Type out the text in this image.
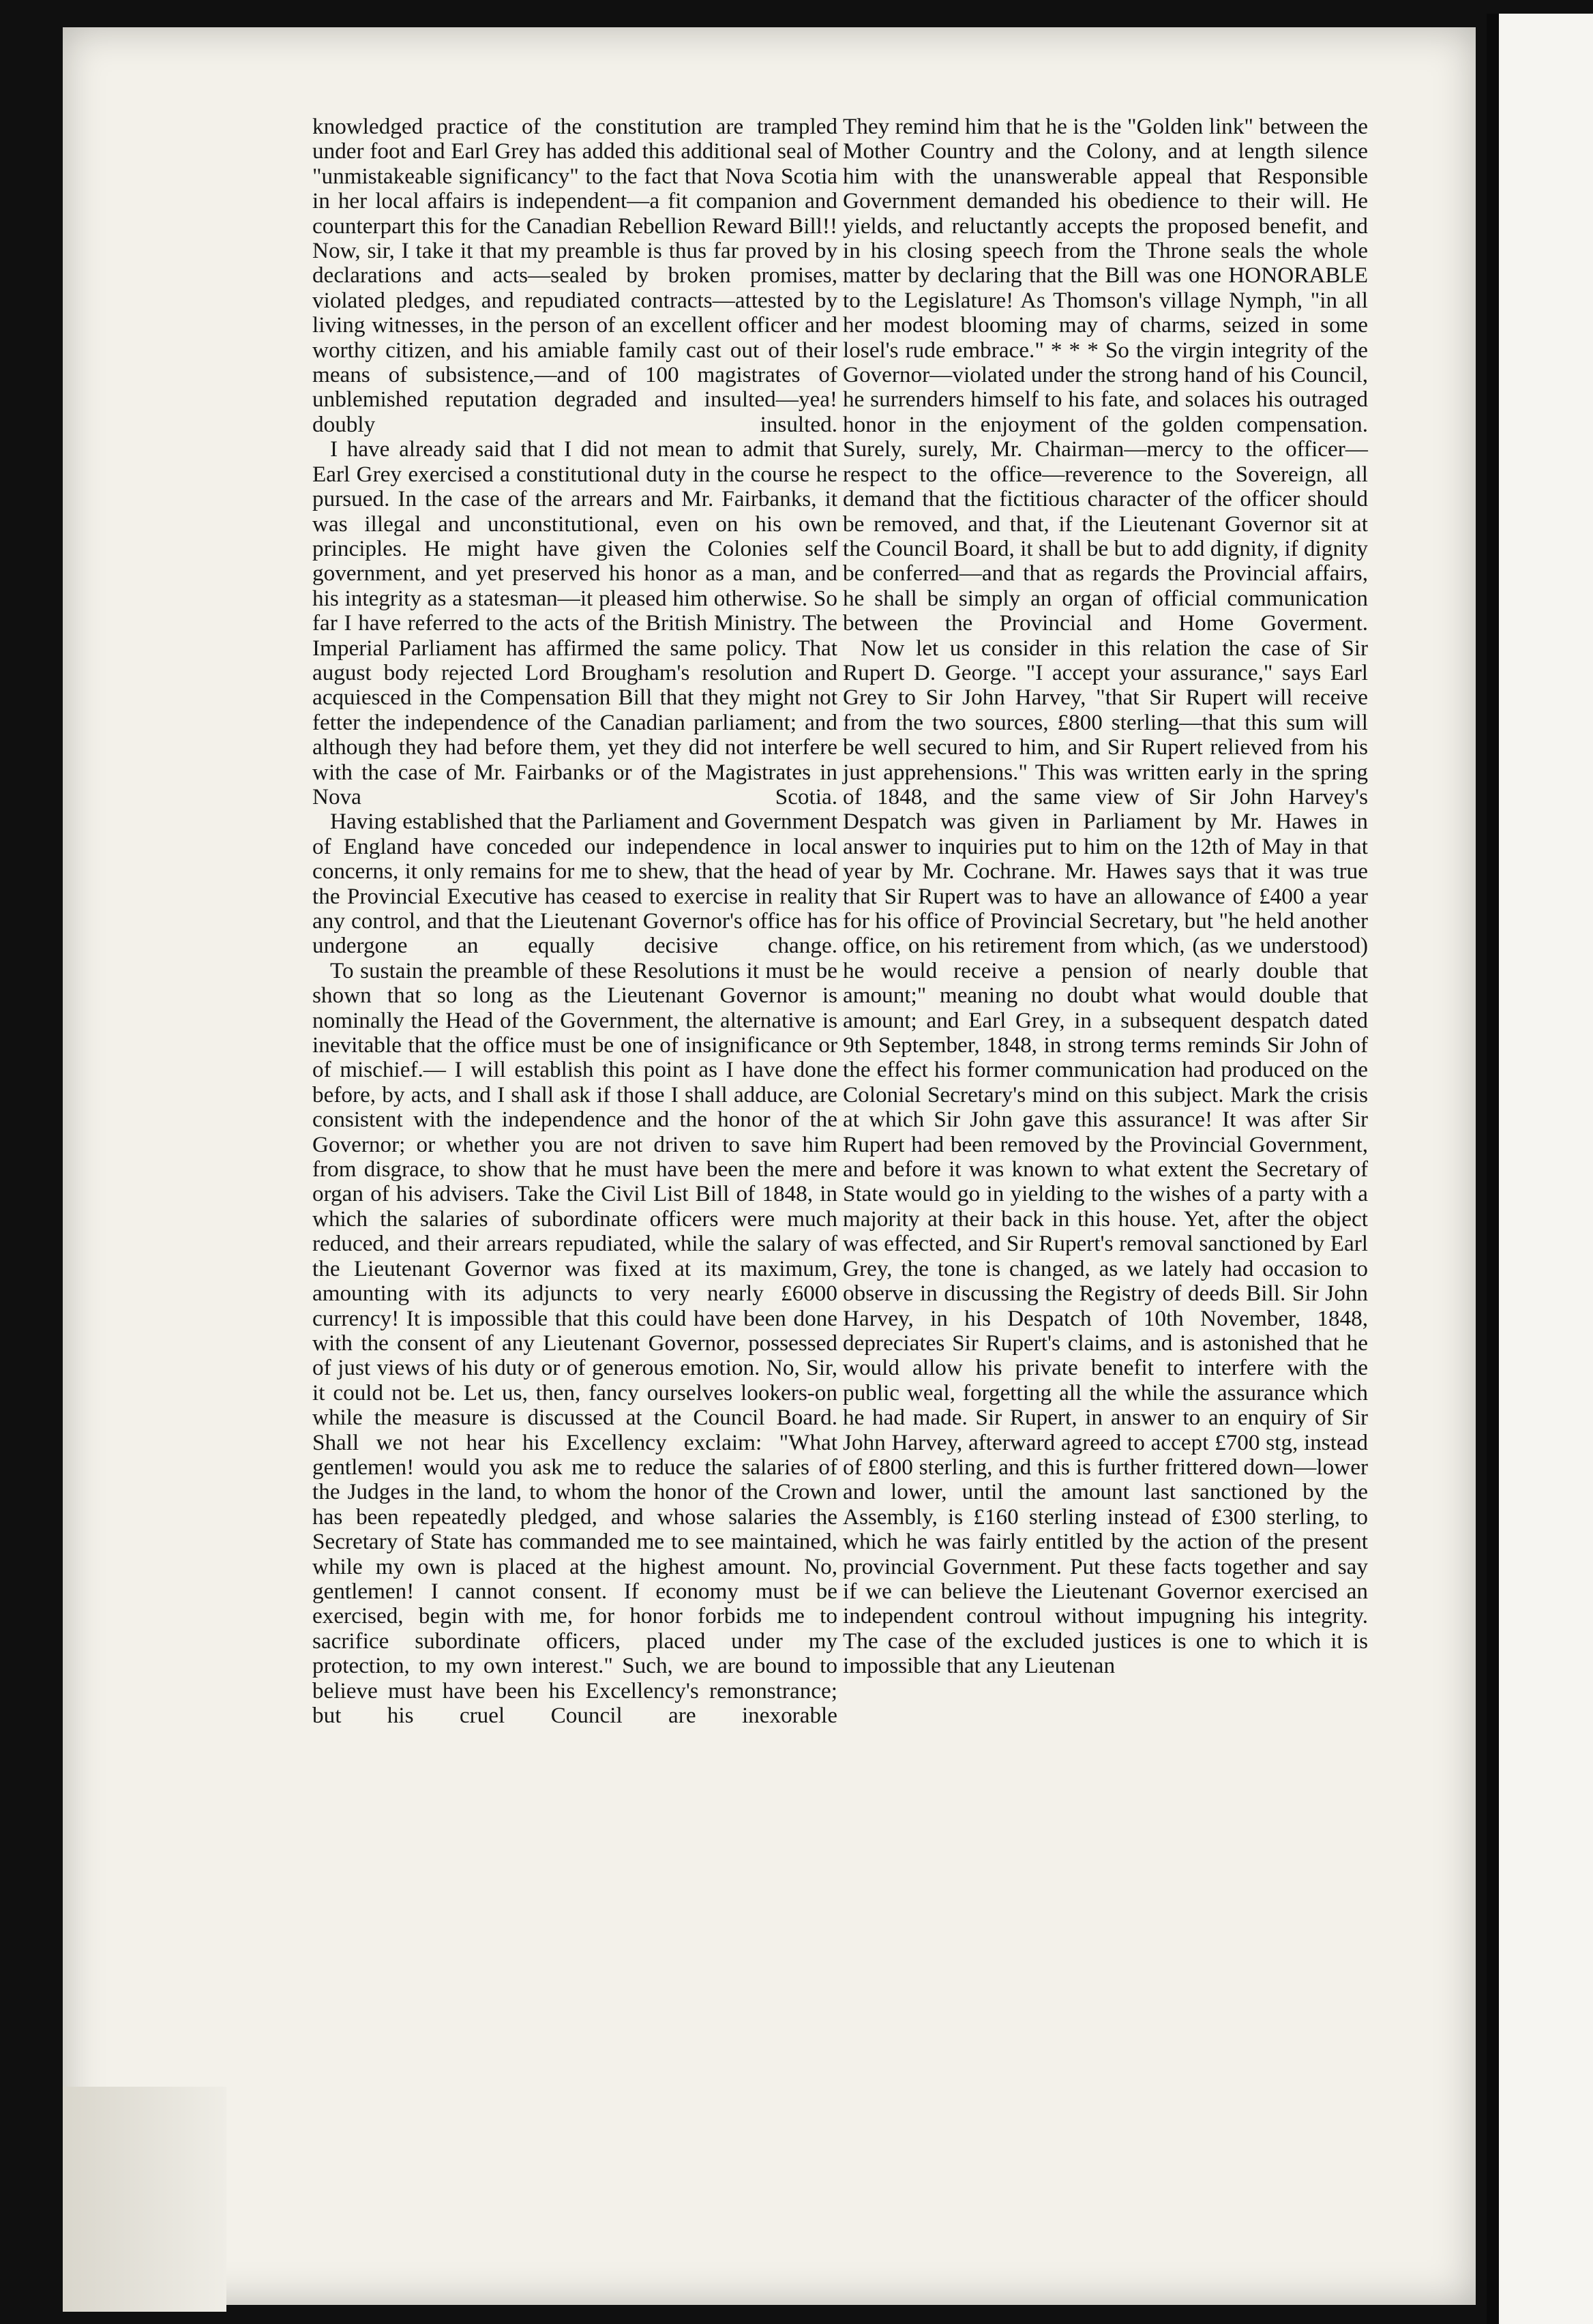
knowledged practice of the constitution are trampled under foot and Earl Grey has added this additional seal of "unmistakeable significancy" to the fact that Nova Scotia in her local affairs is independent—a fit companion and counterpart this for the Canadian Rebellion Reward Bill!! Now, sir, I take it that my preamble is thus far proved by declarations and acts—sealed by broken promises, violated pledges, and repudiated contracts—attested by living witnesses, in the person of an excellent officer and worthy citizen, and his amiable family cast out of their means of subsistence,—and of 100 magistrates of unblemished reputation degraded and insulted—yea! doubly insulted.

I have already said that I did not mean to admit that Earl Grey exercised a constitutional duty in the course he pursued. In the case of the arrears and Mr. Fairbanks, it was illegal and unconstitutional, even on his own principles. He might have given the Colonies self government, and yet preserved his honor as a man, and his integrity as a statesman—it pleased him otherwise. So far I have referred to the acts of the British Ministry. The Imperial Parliament has affirmed the same policy. That august body rejected Lord Brougham's resolution and acquiesced in the Compensation Bill that they might not fetter the independence of the Canadian parliament; and although they had before them, yet they did not interfere with the case of Mr. Fairbanks or of the Magistrates in Nova Scotia.

Having established that the Parliament and Government of England have conceded our independence in local concerns, it only remains for me to shew, that the head of the Provincial Executive has ceased to exercise in reality any control, and that the Lieutenant Governor's office has undergone an equally decisive change.

To sustain the preamble of these Resolutions it must be shown that so long as the Lieutenant Governor is nominally the Head of the Government, the alternative is inevitable that the office must be one of insignificance or of mischief.— I will establish this point as I have done before, by acts, and I shall ask if those I shall adduce, are consistent with the independence and the honor of the Governor; or whether you are not driven to save him from disgrace, to show that he must have been the mere organ of his advisers. Take the Civil List Bill of 1848, in which the salaries of subordinate officers were much reduced, and their arrears repudiated, while the salary of the Lieutenant Governor was fixed at its maximum, amounting with its adjuncts to very nearly £6000 currency! It is impossible that this could have been done with the consent of any Lieutenant Governor, possessed of just views of his duty or of generous emotion. No, Sir, it could not be. Let us, then, fancy ourselves lookers-on while the measure is discussed at the Council Board. Shall we not hear his Excellency exclaim: "What gentlemen! would you ask me to reduce the salaries of the Judges in the land, to whom the honor of the Crown has been repeatedly pledged, and whose salaries the Secretary of State has commanded me to see maintained, while my own is placed at the highest amount. No, gentlemen! I cannot consent. If economy must be exercised, begin with me, for honor forbids me to sacrifice subordinate officers, placed under my protection, to my own interest." Such, we are bound to believe must have been his Excellency's remonstrance; but his cruel Council are inexorable

They remind him that he is the "Golden link" between the Mother Country and the Colony, and at length silence him with the unanswerable appeal that Responsible Government demanded his obedience to their will. He yields, and reluctantly accepts the proposed benefit, and in his closing speech from the Throne seals the whole matter by declaring that the Bill was one HONORABLE to the Legislature! As Thomson's village Nymph, "in all her modest blooming may of charms, seized in some losel's rude embrace." * * * So the virgin integrity of the Governor—violated under the strong hand of his Council, he surrenders himself to his fate, and solaces his outraged honor in the enjoyment of the golden compensation. Surely, surely, Mr. Chairman—mercy to the officer—respect to the office—reverence to the Sovereign, all demand that the fictitious character of the officer should be removed, and that, if the Lieutenant Governor sit at the Council Board, it shall be but to add dignity, if dignity be conferred—and that as regards the Provincial affairs, he shall be simply an organ of official communication between the Provincial and Home Goverment.

Now let us consider in this relation the case of Sir Rupert D. George. "I accept your assurance," says Earl Grey to Sir John Harvey, "that Sir Rupert will receive from the two sources, £800 sterling—that this sum will be well secured to him, and Sir Rupert relieved from his just apprehensions." This was written early in the spring of 1848, and the same view of Sir John Harvey's Despatch was given in Parliament by Mr. Hawes in answer to inquiries put to him on the 12th of May in that year by Mr. Cochrane. Mr. Hawes says that it was true that Sir Rupert was to have an allowance of £400 a year for his office of Provincial Secretary, but "he held another office, on his retirement from which, (as we understood) he would receive a pension of nearly double that amount;" meaning no doubt what would double that amount; and Earl Grey, in a subsequent despatch dated 9th September, 1848, in strong terms reminds Sir John of the effect his former communication had produced on the Colonial Secretary's mind on this subject. Mark the crisis at which Sir John gave this assurance! It was after Sir Rupert had been removed by the Provincial Government, and before it was known to what extent the Secretary of State would go in yielding to the wishes of a party with a majority at their back in this house. Yet, after the object was effected, and Sir Rupert's removal sanctioned by Earl Grey, the tone is changed, as we lately had occasion to observe in discussing the Registry of deeds Bill. Sir John Harvey, in his Despatch of 10th November, 1848, depreciates Sir Rupert's claims, and is astonished that he would allow his private benefit to interfere with the public weal, forgetting all the while the assurance which he had made. Sir Rupert, in answer to an enquiry of Sir John Harvey, afterward agreed to accept £700 stg, instead of £800 sterling, and this is further frittered down—lower and lower, until the amount last sanctioned by the Assembly, is £160 sterling instead of £300 sterling, to which he was fairly entitled by the action of the present provincial Government. Put these facts together and say if we can believe the Lieutenant Governor exercised an independent controul without impugning his integrity.

The case of the excluded justices is one to which it is impossible that any Lieutenan
